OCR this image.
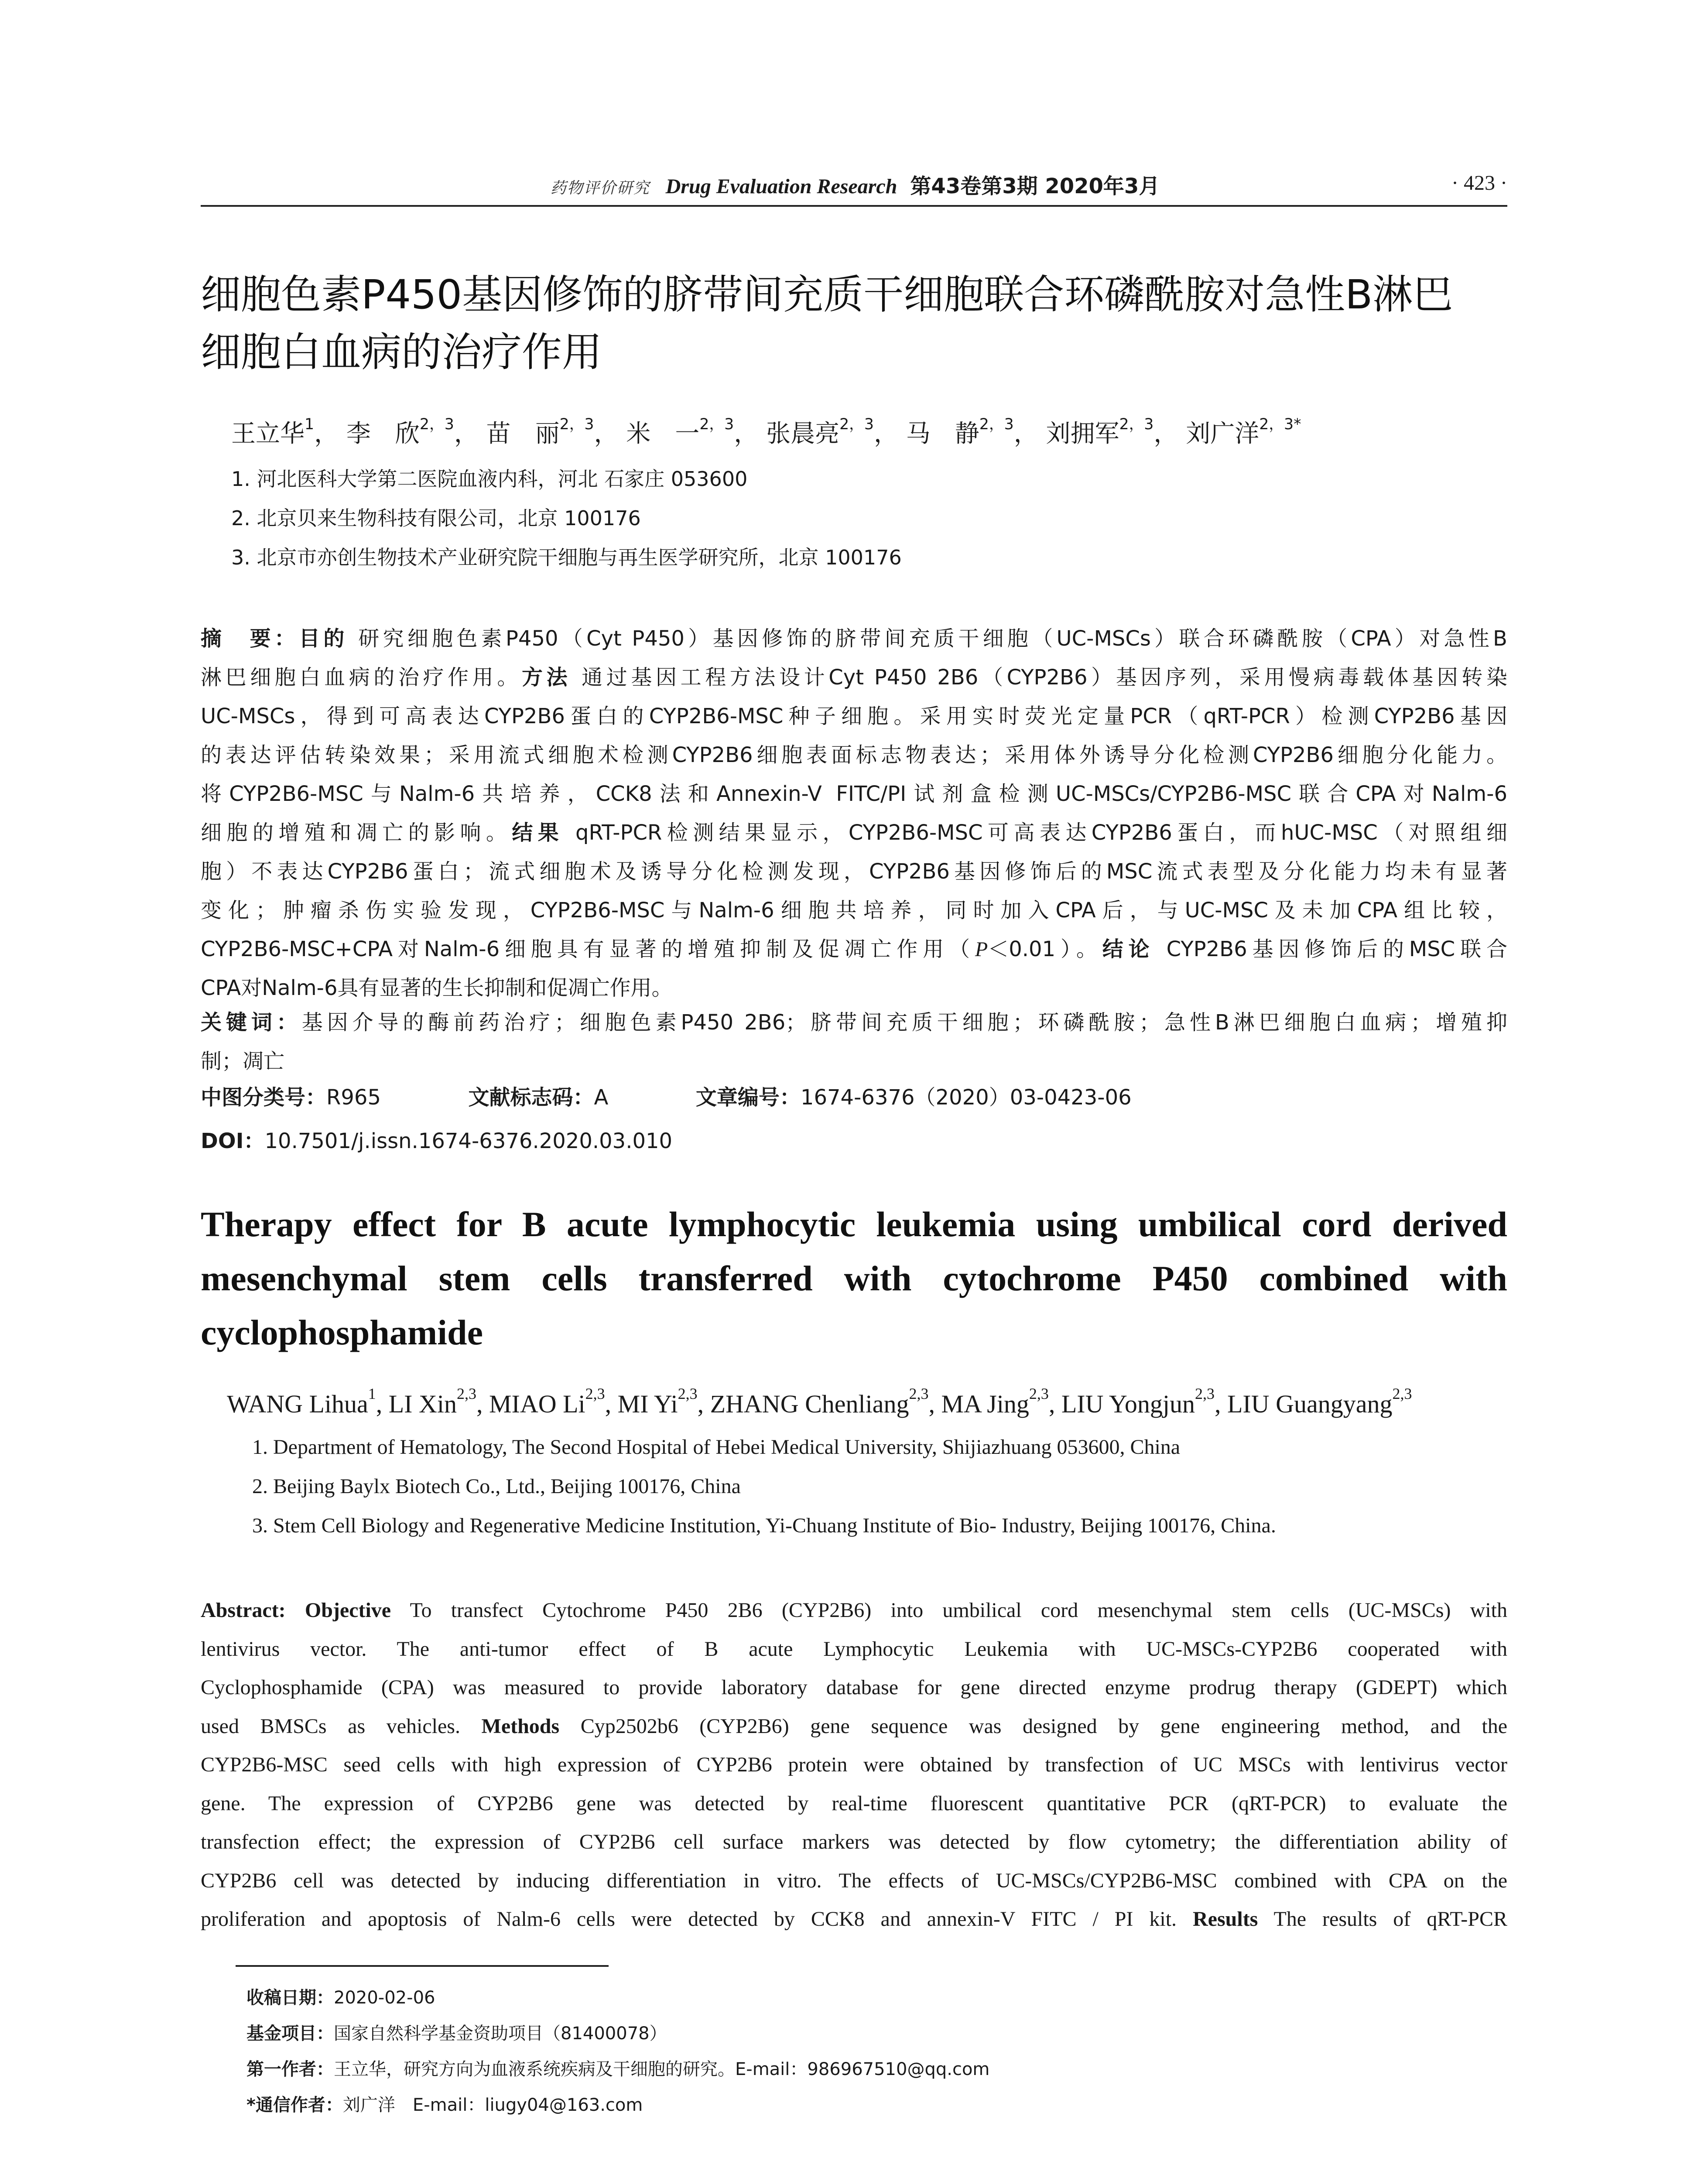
药物评价研究 Drug Evaluation Research 第43卷第3期 2020年3月	· 423 ·
细胞色素P450基因修饰的脐带间充质干细胞联合环磷酰胺对急性B淋巴
细胞白血病的治疗作用
王立华$^1$， 李　欣$^{2,3}$， 苗　丽$^{2,3}$， 米　一$^{2,3}$， 张晨亮$^{2,3}$， 马　静$^{2,3}$， 刘拥军$^{2,3}$， 刘广洋$^{2,3*}$
1. 河北医科大学第二医院血液内科，河北 石家庄 053600
2. 北京贝来生物科技有限公司，北京 100176
3. 北京市亦创生物技术产业研究院干细胞与再生医学研究所，北京 100176
摘　要：目的 研究细胞色素P450（Cyt P450）基因修饰的脐带间充质干细胞（UC-MSCs）联合环磷酰胺（CPA）对急性B
淋巴细胞白血病的治疗作用。方法 通过基因工程方法设计Cyt P450 2B6（CYP2B6）基因序列，采用慢病毒载体基因转染
UC-MSCs，得到可高表达CYP2B6蛋白的CYP2B6-MSC种子细胞。采用实时荧光定量PCR（qRT-PCR）检测CYP2B6基因
的表达评估转染效果；采用流式细胞术检测CYP2B6细胞表面标志物表达；采用体外诱导分化检测CYP2B6细胞分化能力。
将CYP2B6-MSC与Nalm-6共培养，CCK8法和Annexin-V FITC/PI试剂盒检测UC-MSCs/CYP2B6-MSC联合CPA对Nalm-6
细胞的增殖和凋亡的影响。结果 qRT-PCR检测结果显示，CYP2B6-MSC可高表达CYP2B6蛋白，而hUC-MSC（对照组细
胞）不表达CYP2B6蛋白；流式细胞术及诱导分化检测发现，CYP2B6基因修饰后的MSC流式表型及分化能力均未有显著
变化；肿瘤杀伤实验发现，CYP2B6-MSC与Nalm-6细胞共培养，同时加入CPA后，与UC-MSC及未加CPA组比较，
CYP2B6-MSC+CPA对Nalm-6细胞具有显著的增殖抑制及促凋亡作用（P＜0.01）。结论 CYP2B6基因修饰后的MSC联合
CPA对Nalm-6具有显著的生长抑制和促凋亡作用。
关键词：基因介导的酶前药治疗；细胞色素P450 2B6；脐带间充质干细胞；环磷酰胺；急性B淋巴细胞白血病；增殖抑
制；凋亡
中图分类号：R965	文献标志码：A	文章编号：1674-6376（2020）03-0423-06
DOI：10.7501/j.issn.1674-6376.2020.03.010
Therapy effect for B acute lymphocytic leukemia using umbilical cord derived mesenchymal stem cells transferred with cytochrome P450 combined with cyclophosphamide
WANG Lihua$^1$, LI Xin$^{2,3}$, MIAO Li$^{2,3}$, MI Yi$^{2,3}$, ZHANG Chenliang$^{2,3}$, MA Jing$^{2,3}$, LIU Yongjun$^{2,3}$, LIU Guangyang$^{2,3}$
1. Department of Hematology, The Second Hospital of Hebei Medical University, Shijiazhuang 053600, China
2. Beijing Baylx Biotech Co., Ltd., Beijing 100176, China
3. Stem Cell Biology and Regenerative Medicine Institution, Yi-Chuang Institute of Bio- Industry, Beijing 100176, China.
Abstract: Objective To transfect Cytochrome P450 2B6 (CYP2B6) into umbilical cord mesenchymal stem cells (UC-MSCs) with
lentivirus vector. The anti-tumor effect of B acute Lymphocytic Leukemia with UC-MSCs-CYP2B6 cooperated with
Cyclophosphamide (CPA) was measured to provide laboratory database for gene directed enzyme prodrug therapy (GDEPT) which
used BMSCs as vehicles. Methods Cyp2502b6 (CYP2B6) gene sequence was designed by gene engineering method, and the
CYP2B6-MSC seed cells with high expression of CYP2B6 protein were obtained by transfection of UC MSCs with lentivirus vector
gene. The expression of CYP2B6 gene was detected by real-time fluorescent quantitative PCR (qRT-PCR) to evaluate the
transfection effect; the expression of CYP2B6 cell surface markers was detected by flow cytometry; the differentiation ability of
CYP2B6 cell was detected by inducing differentiation in vitro. The effects of UC-MSCs/CYP2B6-MSC combined with CPA on the
proliferation and apoptosis of Nalm-6 cells were detected by CCK8 and annexin-V FITC / PI kit. Results The results of qRT-PCR
收稿日期：2020-02-06
基金项目：国家自然科学基金资助项目（81400078）
第一作者：王立华，研究方向为血液系统疾病及干细胞的研究。E-mail：986967510@qq.com
*通信作者：刘广洋　E-mail：liugy04@163.com
